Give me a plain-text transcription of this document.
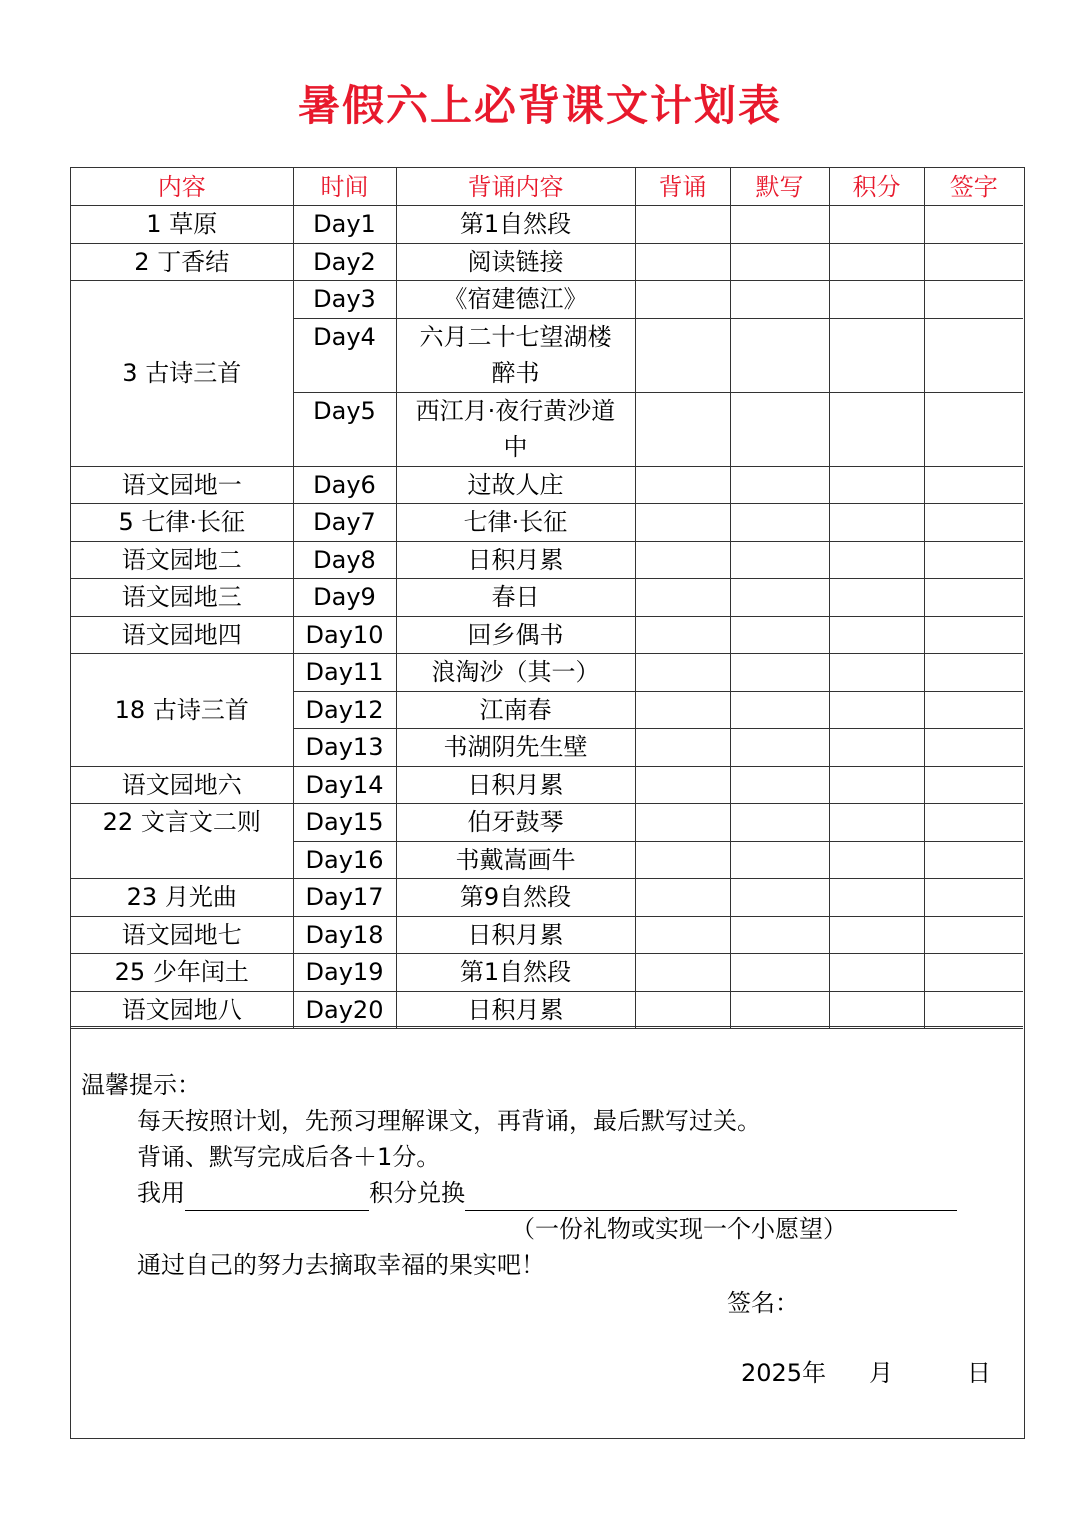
暑假六上必背课文计划表
内容	时间	背诵内容	背诵	默写	积分	签字
1 草原	Day1	第1自然段				
2 丁香结	Day2	阅读链接				
3 古诗三首	Day3	《宿建德江》				
	Day4	六月二十七望湖楼醉书				
	Day5	西江月·夜行黄沙道中				
语文园地一	Day6	过故人庄				
5 七律·长征	Day7	七律·长征				
语文园地二	Day8	日积月累				
语文园地三	Day9	春日				
语文园地四	Day10	回乡偶书				
18 古诗三首	Day11	浪淘沙（其一）				
	Day12	江南春				
	Day13	书湖阴先生壁				
语文园地六	Day14	日积月累				
22 文言文二则	Day15	伯牙鼓琴				
	Day16	书戴嵩画牛				
23 月光曲	Day17	第9自然段				
语文园地七	Day18	日积月累				
25 少年闰土	Day19	第1自然段				
语文园地八	Day20	日积月累				
温馨提示：
每天按照计划，先预习理解课文，再背诵，最后默写过关。
背诵、默写完成后各＋1分。
我用	积分兑换
（一份礼物或实现一个小愿望）
通过自己的努力去摘取幸福的果实吧！
签名：
2025年 月	日
